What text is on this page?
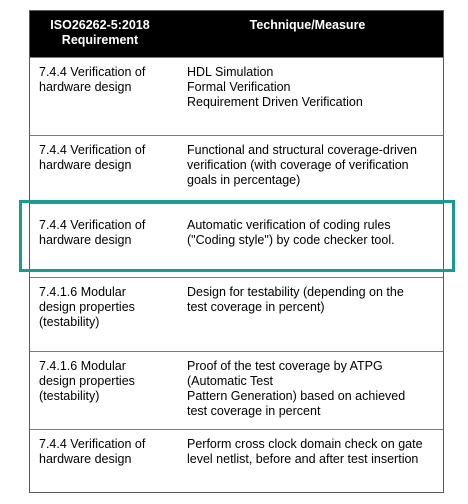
ISO26262-5:2018
Requirement
Technique/Measure
7.4.4 Verification of
hardware design
HDL Simulation
Formal Verification
Requirement Driven Verification
7.4.4 Verification of
hardware design
Functional and structural coverage-driven
verification (with coverage of verification
goals in percentage)
7.4.4 Verification of
hardware design
Automatic verification of coding rules
("Coding style") by code checker tool.
7.4.1.6 Modular
design properties
(testability)
Design for testability (depending on the
test coverage in percent)
7.4.1.6 Modular
design properties
(testability)
Proof of the test coverage by ATPG
(Automatic Test
Pattern Generation) based on achieved
test coverage in percent
7.4.4 Verification of
hardware design
Perform cross clock domain check on gate
level netlist, before and after test insertion
